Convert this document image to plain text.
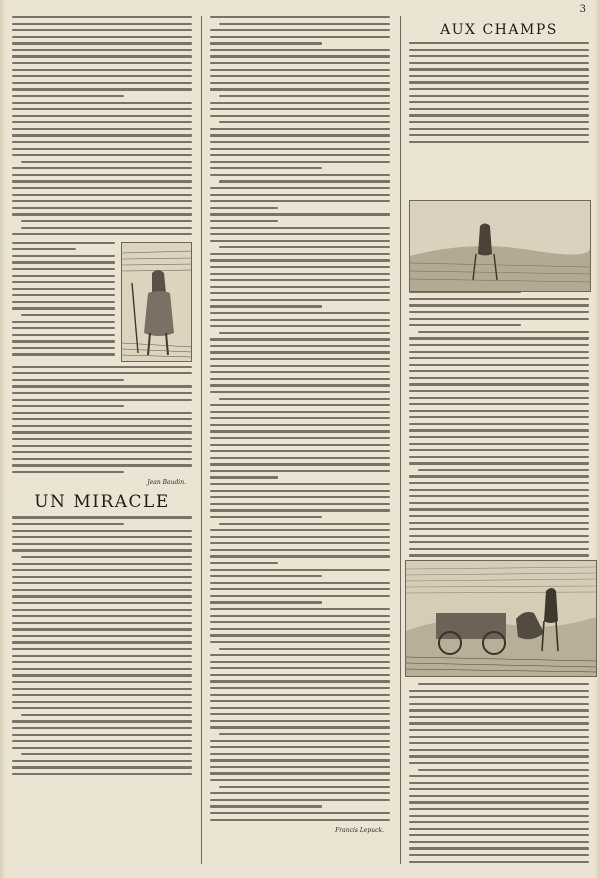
3
Jean Baudin.
UN MIRACLE
Francis Lepuck.
AUX CHAMPS
